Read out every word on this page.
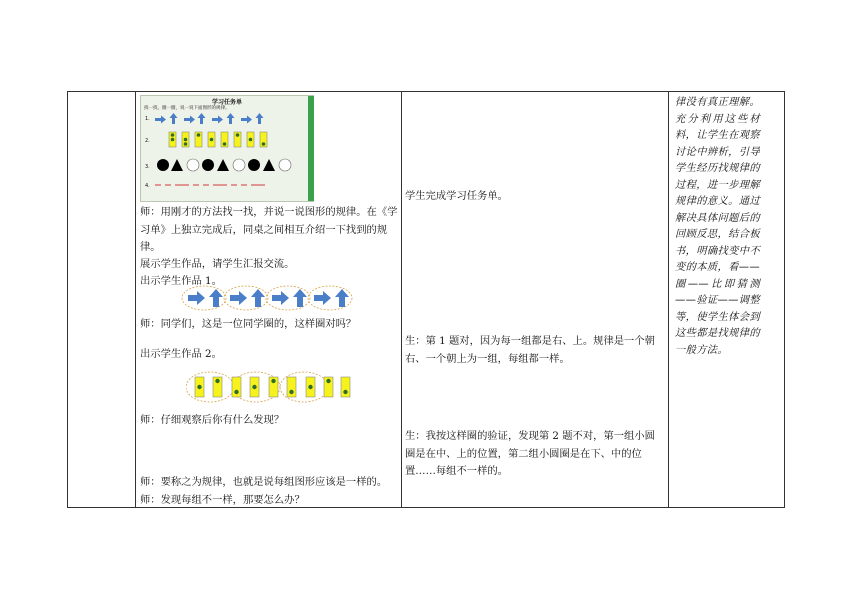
学习任务单
找一找，圈一圈，说一说下面图形的规律。
1.
2.
3.
4.
师：用刚才的方法找一找，并说一说图形的规律。在《学习单》上独立完成后，同桌之间相互介绍一下找到的规律。
展示学生作品，请学生汇报交流。
出示学生作品 1。
师：同学们，这是一位同学圈的，这样圈对吗？
出示学生作品 2。
师：仔细观察后你有什么发现？
师：要称之为规律，也就是说每组图形应该是一样的。
师：发现每组不一样，那要怎么办？
学生完成学习任务单。
生：第 1 题对，因为每一组都是右、上。规律是一个朝右、一个朝上为一组，每组都一样。
生：我按这样圈的验证，发现第 2 题不对，第一组小圆圈是在中、上的位置，第二组小圆圈是在下、中的位置……每组不一样的。
律没有真正理解。充分利用这些材料，让学生在观察讨论中辨析，引导学生经历找规律的过程，进一步理解规律的意义。通过解决具体问题后的回顾反思，结合板书，明确找变中不变的本质，看——圈——比即猜测——验证——调整等，使学生体会到这些都是找规律的一般方法。
